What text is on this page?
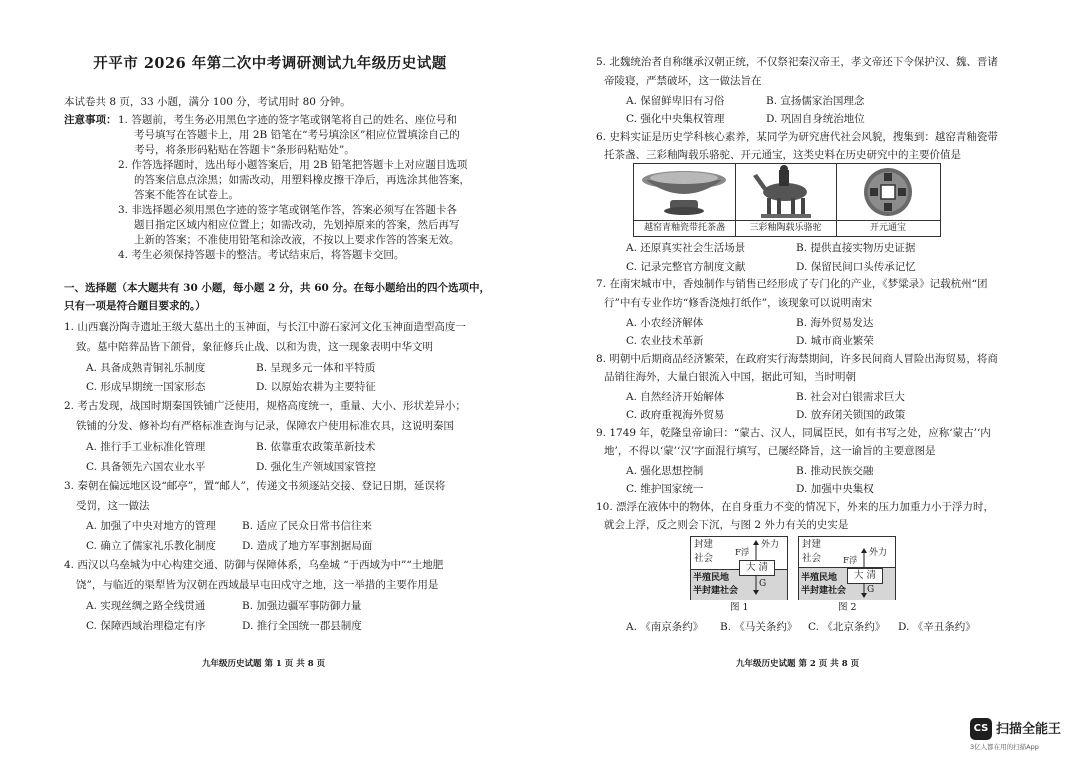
开平市 2026 年第二次中考调研测试九年级历史试题
本试卷共 8 页，33 小题，满分 100 分，考试用时 80 分钟。
注意事项： 1. 答题前，考生务必用黑色字迹的签字笔或钢笔将自己的姓名、座位号和
考号填写在答题卡上，用 2B 铅笔在“考号填涂区”相应位置填涂自己的
考号，将条形码粘贴在答题卡“条形码粘贴处”。
2. 作答选择题时，选出每小题答案后，用 2B 铅笔把答题卡上对应题目选项
的答案信息点涂黑；如需改动，用塑料橡皮擦干净后，再选涂其他答案，
答案不能答在试卷上。
3. 非选择题必须用黑色字迹的签字笔或钢笔作答，答案必须写在答题卡各
题目指定区域内相应位置上；如需改动，先划掉原来的答案，然后再写
上新的答案；不准使用铅笔和涂改液，不按以上要求作答的答案无效。
4. 考生必须保持答题卡的整洁。考试结束后，将答题卡交回。
一、选择题（本大题共有 30 小题，每小题 2 分，共 60 分。在每小题给出的四个选项中，
只有一项是符合题目要求的。）
1. 山西襄汾陶寺遗址王级大墓出土的玉神面，与长江中游石家河文化玉神面造型高度一
致。墓中陪葬品皆下颌骨，象征修兵止战、以和为贵，这一现象表明中华文明
A. 具备成熟青铜礼乐制度	B. 呈现多元一体和平特质
C. 形成早期统一国家形态	D. 以原始农耕为主要特征
2. 考古发现，战国时期秦国铁铺广泛使用，规格高度统一，重量、大小、形状差异小；
铁铺的分发、修补均有严格标准查询与记录，保障农户使用标准农具，这说明秦国
A. 推行手工业标准化管理	B. 依靠重农政策革新技术
C. 具备领先六国农业水平	D. 强化生产领域国家管控
3. 秦朝在偏远地区设“邮亭”，置“邮人”，传递文书须逐站交接、登记日期，延误将
受罚，这一做法
A. 加强了中央对地方的管理 B. 适应了民众日常书信往来
C. 确立了儒家礼乐教化制度 D. 造成了地方军事割据局面
4. 西汉以乌垒城为中心构建交通、防御与保障体系，乌垒城 “于西域为中”“土地肥
饶”，与临近的渠犁皆为汉朝在西域最早屯田戍守之地，这一举措的主要作用是
A. 实现丝绸之路全线贯通	B. 加强边疆军事防御力量
C. 保障西域治理稳定有序	D. 推行全国统一郡县制度
九年级历史试题 第 1 页 共 8 页
5. 北魏统治者自称继承汉朝正统，不仅祭祀秦汉帝王，孝文帝还下令保护汉、魏、晋诸
帝陵寝，严禁破坏，这一做法旨在
A. 保留鲜卑旧有习俗	B. 宣扬儒家治国理念
C. 强化中央集权管理	D. 巩固自身统治地位
6. 史料实证是历史学科核心素养，某同学为研究唐代社会风貌，搜集到：越窑青釉瓷带
托茶盏、三彩釉陶载乐骆驼、开元通宝，这类史料在历史研究中的主要价值是
越窑青釉瓷带托茶盏	三彩釉陶载乐骆驼	开元通宝
A. 还原真实社会生活场景	B. 提供直接实物历史证据
C. 记录完整官方制度文献	D. 保留民间口头传承记忆
7. 在南宋城市中，香烛制作与销售已经形成了专门化的产业，《梦粱录》记载杭州“团
行”中有专业作坊“修香浇烛打纸作”，该现象可以说明南宋
A. 小农经济解体	B. 海外贸易发达
C. 农业技术革新	D. 城市商业繁荣
8. 明朝中后期商品经济繁荣，在政府实行海禁期间，许多民间商人冒险出海贸易，将商
品销往海外，大量白银流入中国，据此可知，当时明朝
A. 自然经济开始解体	B. 社会对白银需求巨大
C. 政府重视海外贸易	D. 放弃闭关锁国的政策
9. 1749 年，乾隆皇帝谕曰：“蒙古、汉人，同属臣民，如有书写之处，应称‘蒙古’‘内
地’，不得以‘蒙’‘汉’字面混行填写，已屡经降旨，这一谕旨的主要意图是
A. 强化思想控制	B. 推动民族交融
C. 维护国家统一	D. 加强中央集权
10. 漂浮在液体中的物体，在自身重力不变的情况下，外来的压力加重力小于浮力时，
就会上浮，反之则会下沉，与图 2 外力有关的史实是
封建
社会
半殖民地
半封建社会
F浮
外力
大 清
G
图 1
封建
社会
半殖民地
半封建社会
F浮
外力
大 清
G
图 2
A. 《南京条约》 B. 《马关条约》 C. 《北京条约》 D. 《辛丑条约》
九年级历史试题 第 2 页 共 8 页
CS 扫描全能王
3亿人都在用的扫描App
